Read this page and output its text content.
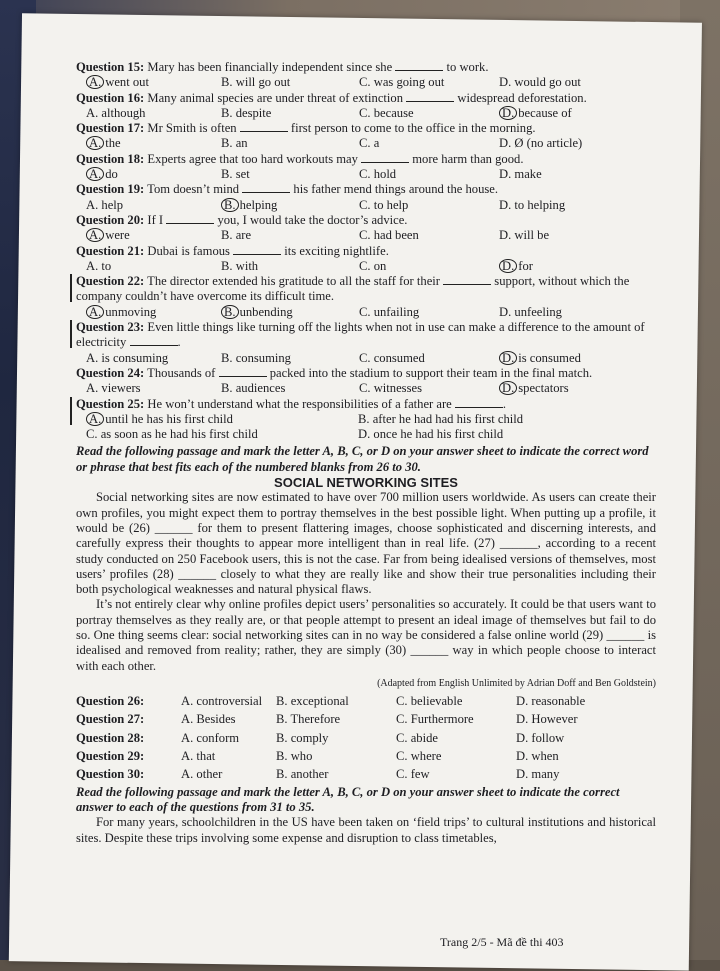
Question 15: Mary has been financially independent since she	to work.
A. went out	B. will go out	C. was going out	D. would go out
Question 16: Many animal species are under threat of extinction	widespread deforestation.
A. although	B. despite	C. because	D. because of
Question 17: Mr Smith is often	first person to come to the office in the morning.
A. the	B. an	C. a	D. Ø (no article)
Question 18: Experts agree that too hard workouts may	more harm than good.
A. do	B. set	C. hold	D. make
Question 19: Tom doesn’t mind	his father mend things around the house.
A. help	B. helping	C. to help	D. to helping
Question 20: If I	you, I would take the doctor’s advice.
A. were	B. are	C. had been	D. will be
Question 21: Dubai is famous	its exciting nightlife.
A. to	B. with	C. on	D. for
Question 22: The director extended his gratitude to all the staff for their	support, without which the company couldn’t have overcome its difficult time.
A. unmoving	B. unbending	C. unfailing	D. unfeeling
Question 23: Even little things like turning off the lights when not in use can make a difference to the amount of electricity	.
A. is consuming	B. consuming	C. consumed	D. is consumed
Question 24: Thousands of	packed into the stadium to support their team in the final match.
A. viewers	B. audiences	C. witnesses	D. spectators
Question 25: He won’t understand what the responsibilities of a father are	.
A. until he has his first child	B. after he had had his first child
C. as soon as he had his first child	D. once he had his first child
Read the following passage and mark the letter A, B, C, or D on your answer sheet to indicate the correct word or phrase that best fits each of the numbered blanks from 26 to 30.
SOCIAL NETWORKING SITES

Social networking sites are now estimated to have over 700 million users worldwide. As users can create their own profiles, you might expect them to portray themselves in the best possible light. When putting up a profile, it would be (26) ______ for them to present flattering images, choose sophisticated and discerning interests, and carefully express their thoughts to appear more intelligent than in real life. (27) ______, according to a recent study conducted on 250 Facebook users, this is not the case. Far from being idealised versions of themselves, most users’ profiles (28) ______ closely to what they are really like and show their true personalities including their both psychological weaknesses and natural physical flaws.

It’s not entirely clear why online profiles depict users’ personalities so accurately. It could be that users want to portray themselves as they really are, or that people attempt to present an ideal image of themselves but fail to do so. One thing seems clear: social networking sites can in no way be considered a false online world (29) ______ is idealised and removed from reality; rather, they are simply (30) ______ way in which people choose to interact with each other.

(Adapted from English Unlimited by Adrian Doff and Ben Goldstein)
Question 26:	A. controversial	B. exceptional	C. believable	D. reasonable
Question 27:	A. Besides	B. Therefore	C. Furthermore	D. However
Question 28:	A. conform	B. comply	C. abide	D. follow
Question 29:	A. that	B. who	C. where	D. when
Question 30:	A. other	B. another	C. few	D. many
Read the following passage and mark the letter A, B, C, or D on your answer sheet to indicate the correct answer to each of the questions from 31 to 35.

For many years, schoolchildren in the US have been taken on ‘field trips’ to cultural institutions and historical sites. Despite these trips involving some expense and disruption to class timetables,

Trang 2/5 - Mã đề thi 403
